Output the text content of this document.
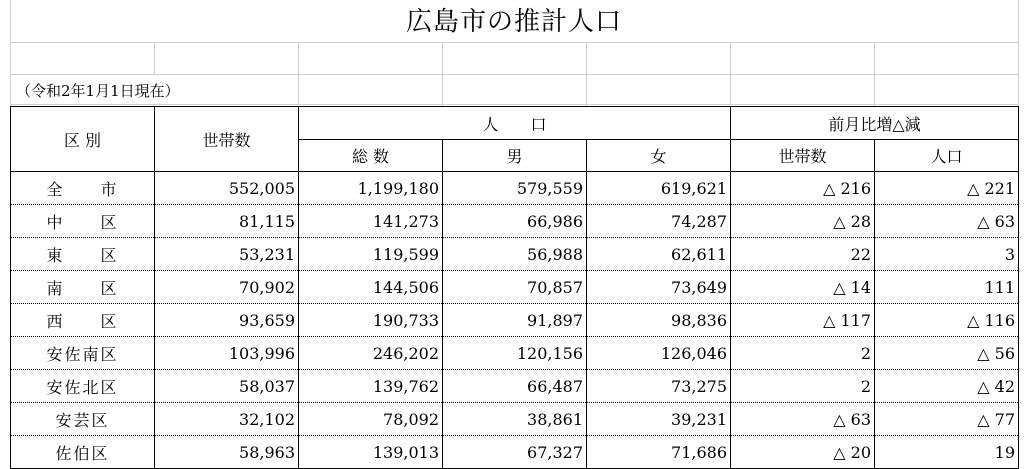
広島市の推計人口
（令和2年1月1日現在）
区 別	世帯数	人　　口			前月比増△減	
		総 数	男	女	世帯数	人口
全　　市	552,005	1,199,180	579,559	619,621	△ 216	△ 221
中　　区	81,115	141,273	66,986	74,287	△ 28	△ 63
東　　区	53,231	119,599	56,988	62,611	22	3
南　　区	70,902	144,506	70,857	73,649	△ 14	111
西　　区	93,659	190,733	91,897	98,836	△ 117	△ 116
安佐南区	103,996	246,202	120,156	126,046	2	△ 56
安佐北区	58,037	139,762	66,487	73,275	2	△ 42
安芸区	32,102	78,092	38,861	39,231	△ 63	△ 77
佐伯区	58,963	139,013	67,327	71,686	△ 20	19
